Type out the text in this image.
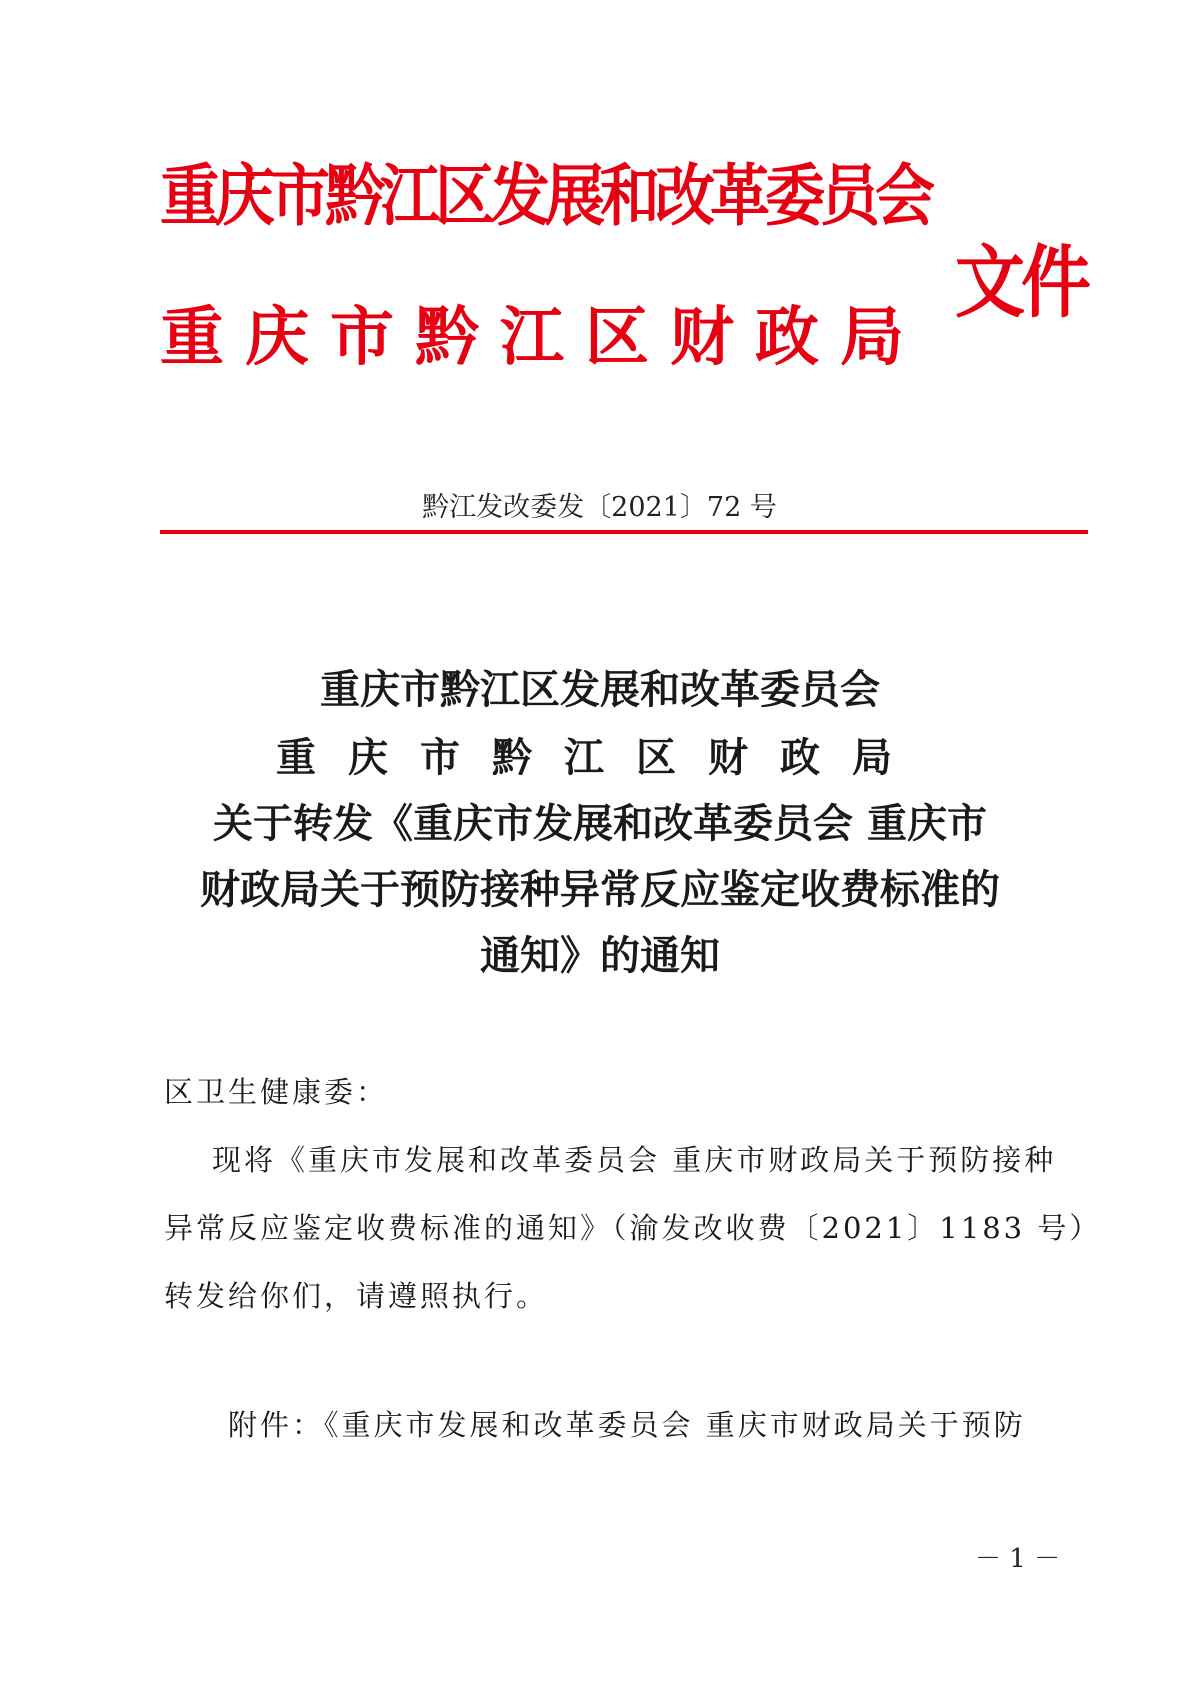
重庆市黔江区发展和改革委员会
重庆市黔江区财政局
文件
黔江发改委发〔2021〕72 号
重庆市黔江区发展和改革委员会
重庆市黔江区财政局
关于转发《重庆市发展和改革委员会 重庆市
财政局关于预防接种异常反应鉴定收费标准的
通知》的通知
区卫生健康委：
现将《重庆市发展和改革委员会 重庆市财政局关于预防接种
异常反应鉴定收费标准的通知》（渝发改收费〔2021〕1183 号）
转发给你们，请遵照执行。
附件：《重庆市发展和改革委员会 重庆市财政局关于预防
－ 1 －
